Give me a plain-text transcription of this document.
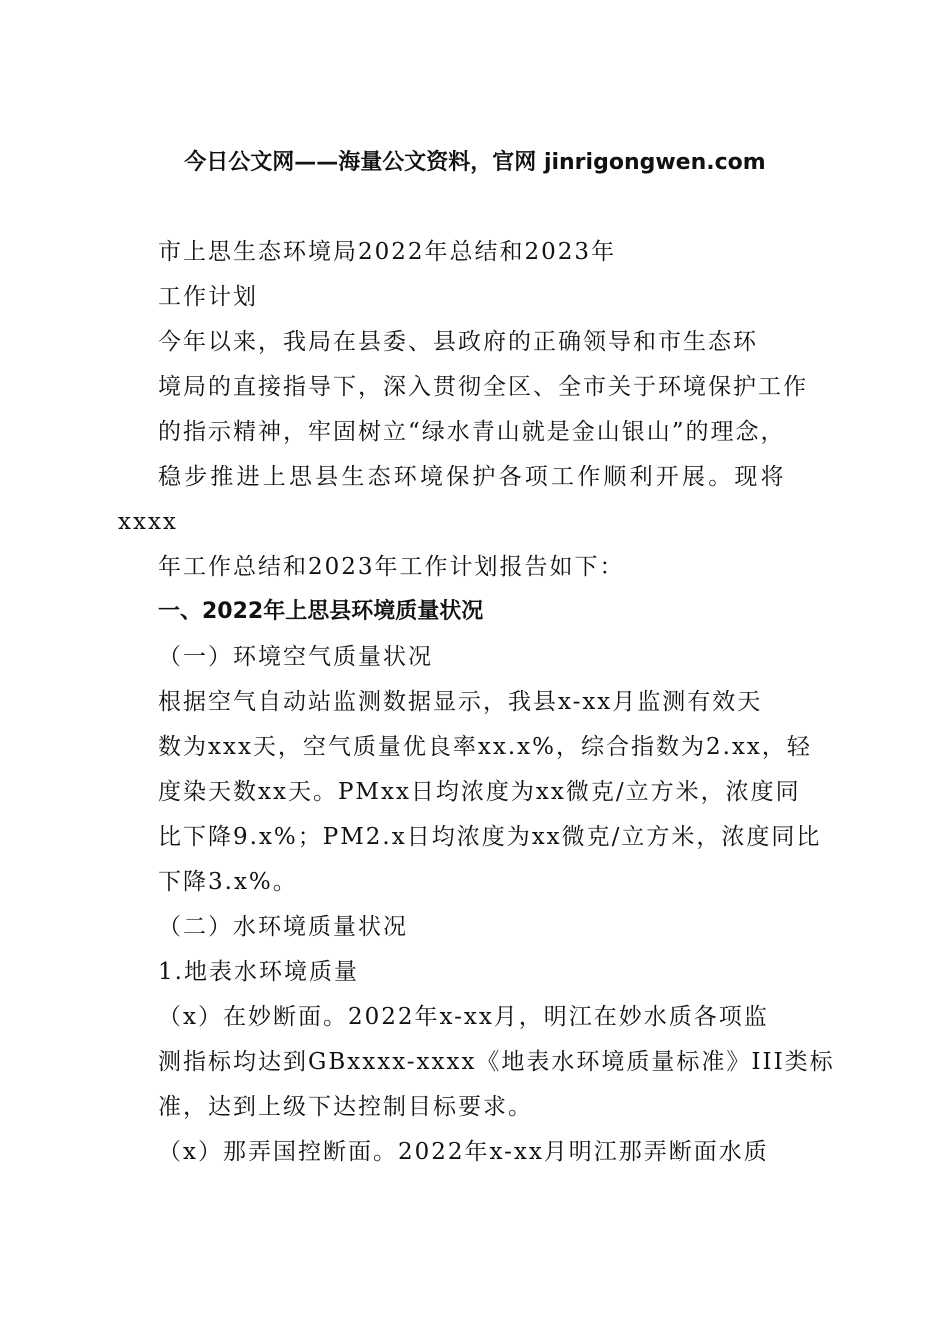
今日公文网——海量公文资料，官网 jinrigongwen.com
市上思生态环境局2022年总结和2023年
工作计划
今年以来，我局在县委、县政府的正确领导和市生态环
境局的直接指导下，深入贯彻全区、全市关于环境保护工作
的指示精神，牢固树立“绿水青山就是金山银山”的理念，
稳步推进上思县生态环境保护各项工作顺利开展。现将
xxxx
年工作总结和2023年工作计划报告如下：
一、2022年上思县环境质量状况
（一）环境空气质量状况
根据空气自动站监测数据显示，我县x-xx月监测有效天
数为xxx天，空气质量优良率xx.x%，综合指数为2.xx，轻
度染天数xx天。PMxx日均浓度为xx微克/立方米，浓度同
比下降9.x%；PM2.x日均浓度为xx微克/立方米，浓度同比
下降3.x%。
（二）水环境质量状况
1.地表水环境质量
（x）在妙断面。2022年x-xx月，明江在妙水质各项监
测指标均达到GBxxxx-xxxx《地表水环境质量标准》III类标
准，达到上级下达控制目标要求。
（x）那弄国控断面。2022年x-xx月明江那弄断面水质
